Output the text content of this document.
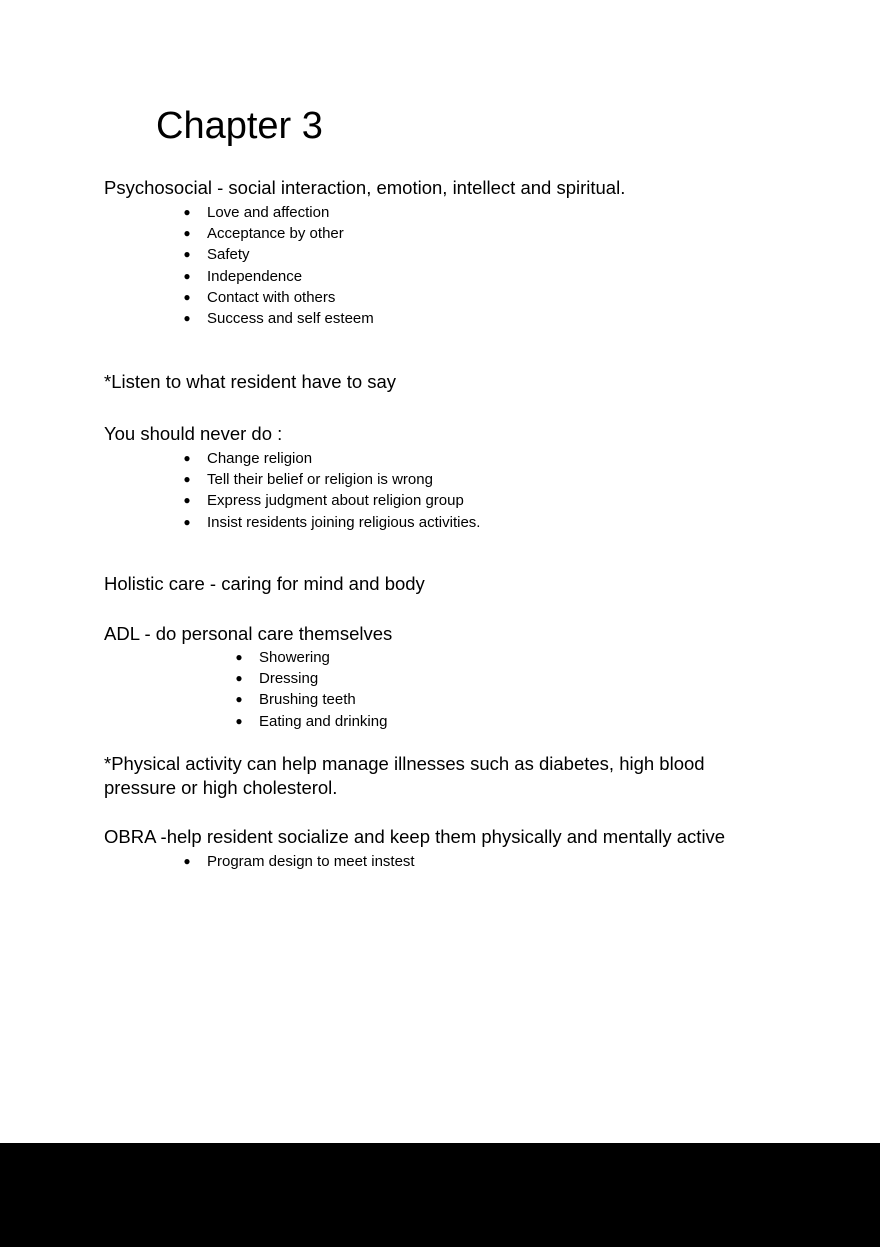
Chapter 3
Psychosocial - social interaction, emotion, intellect and spiritual.
● Love and affection
● Acceptance by other
● Safety
● Independence
● Contact with others
● Success and self esteem
*Listen to what resident have to say
You should never do :
● Change religion
● Tell their belief or religion is wrong
● Express judgment about religion group
● Insist residents joining religious activities.
Holistic care - caring for mind and body
ADL - do personal care themselves
● Showering
● Dressing
● Brushing teeth
● Eating and drinking
*Physical activity can help manage illnesses such as diabetes, high blood pressure or high cholesterol.
OBRA -help resident socialize and keep them physically and mentally active
● Program design to meet instest
